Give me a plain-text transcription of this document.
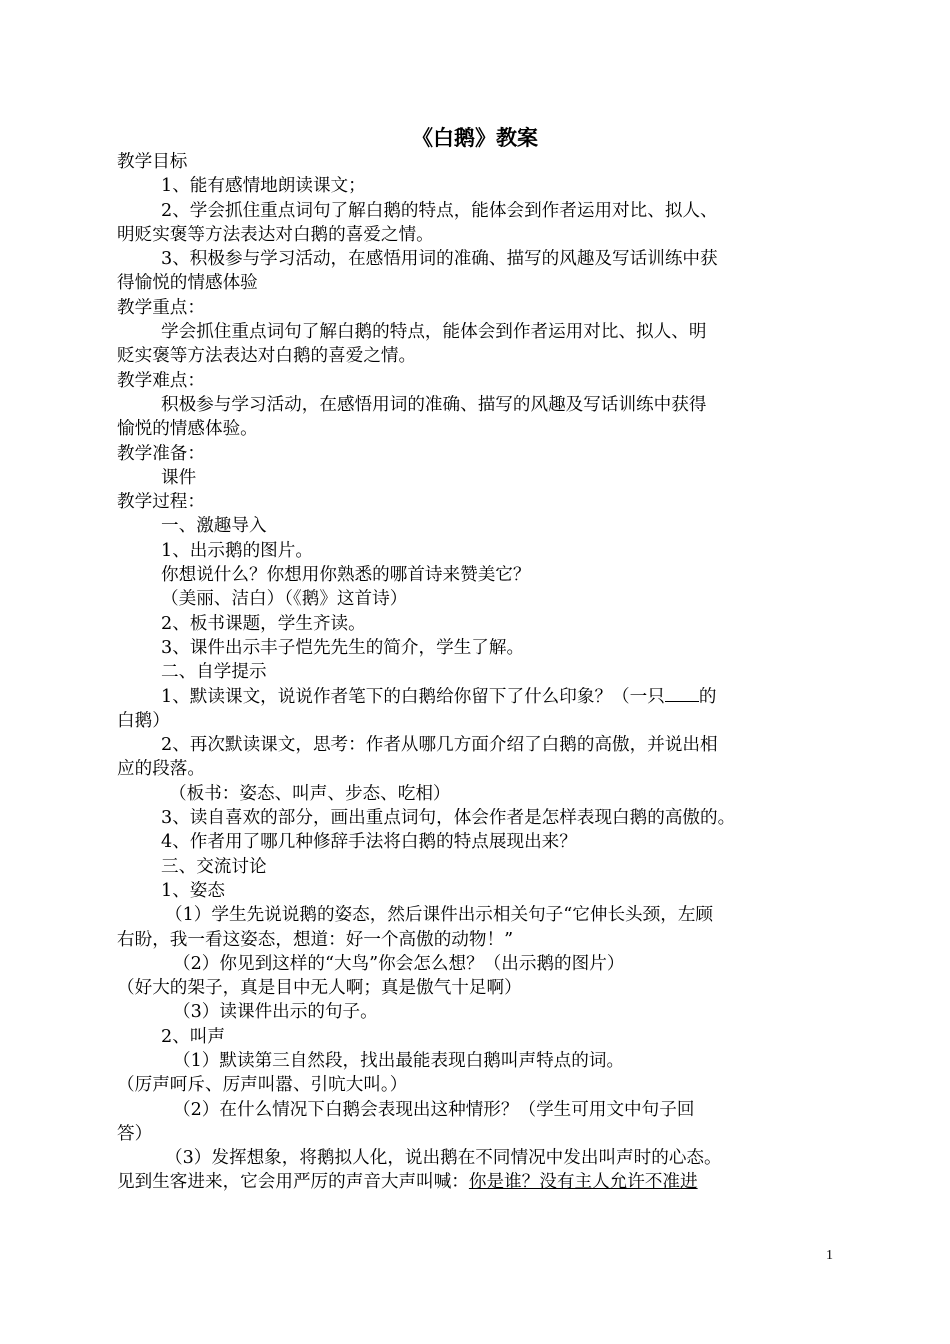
《白鹅》教案

教学目标

1、能有感情地朗读课文；

2、学会抓住重点词句了解白鹅的特点，能体会到作者运用对比、拟人、

明贬实褒等方法表达对白鹅的喜爱之情。

3、积极参与学习活动，在感悟用词的准确、描写的风趣及写话训练中获

得愉悦的情感体验

教学重点：

学会抓住重点词句了解白鹅的特点，能体会到作者运用对比、拟人、明

贬实褒等方法表达对白鹅的喜爱之情。

教学难点：

积极参与学习活动，在感悟用词的准确、描写的风趣及写话训练中获得

愉悦的情感体验。

教学准备：

课件

教学过程：

一、激趣导入

1、出示鹅的图片。

你想说什么？你想用你熟悉的哪首诗来赞美它？

（美丽、洁白）（《鹅》这首诗）

2、板书课题，学生齐读。

3、课件出示丰子恺先先生的简介，学生了解。

二、自学提示

1、默读课文，说说作者笔下的白鹅给你留下了什么印象？（一只 的

白鹅）

2、再次默读课文，思考：作者从哪几方面介绍了白鹅的高傲，并说出相

应的段落。

（板书：姿态、叫声、步态、吃相）

3、读自喜欢的部分，画出重点词句，体会作者是怎样表现白鹅的高傲的。

4、作者用了哪几种修辞手法将白鹅的特点展现出来？

三、交流讨论

1、姿态

（1）学生先说说鹅的姿态，然后课件出示相关句子“它伸长头颈，左顾

右盼，我一看这姿态，想道：好一个高傲的动物！”

（2）你见到这样的“大鸟”你会怎么想？（出示鹅的图片）

（好大的架子，真是目中无人啊；真是傲气十足啊）

（3）读课件出示的句子。

2、叫声

（1）默读第三自然段，找出最能表现白鹅叫声特点的词。

（厉声呵斥、厉声叫嚣、引吭大叫。）

（2）在什么情况下白鹅会表现出这种情形？（学生可用文中句子回

答）

（3）发挥想象，将鹅拟人化，说出鹅在不同情况中发出叫声时的心态。

见到生客进来，它会用严厉的声音大声叫喊：你是谁？没有主人允许不准进

1
